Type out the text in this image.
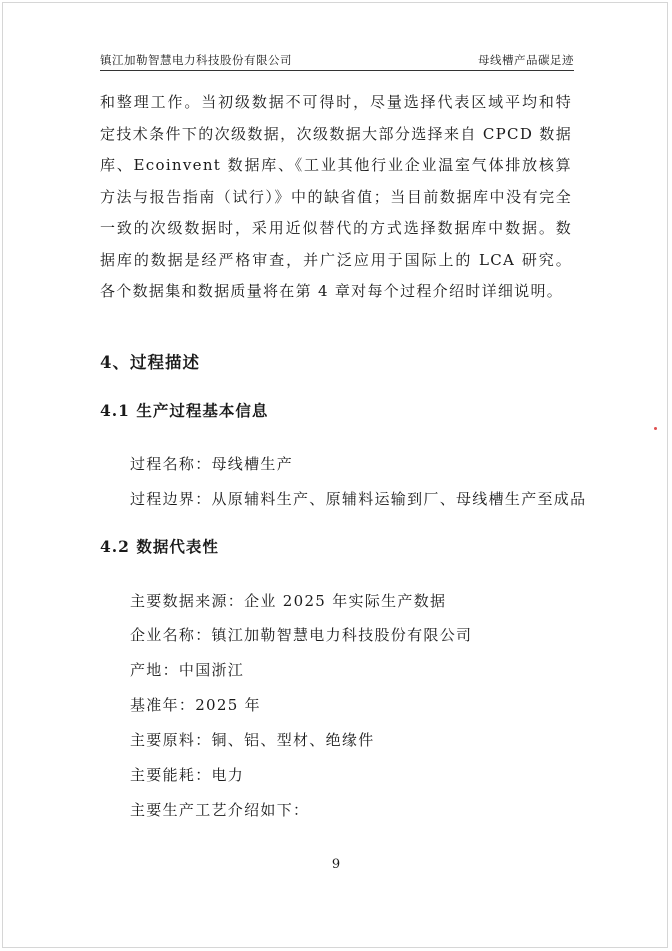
镇江加勒智慧电力科技股份有限公司	母线槽产品碳足迹
和整理工作。当初级数据不可得时，尽量选择代表区域平均和特定技术条件下的次级数据，次级数据大部分选择来自 CPCD 数据库、Ecoinvent 数据库、《工业其他行业企业温室气体排放核算方法与报告指南（试行）》中的缺省值；当目前数据库中没有完全一致的次级数据时，采用近似替代的方式选择数据库中数据。数据库的数据是经严格审查，并广泛应用于国际上的 LCA 研究。各个数据集和数据质量将在第 4 章对每个过程介绍时详细说明。
4、过程描述
4.1 生产过程基本信息
过程名称：母线槽生产
过程边界：从原辅料生产、原辅料运输到厂、母线槽生产至成品
4.2 数据代表性
主要数据来源：企业 2025 年实际生产数据
企业名称：镇江加勒智慧电力科技股份有限公司
产地：中国浙江
基准年：2025 年
主要原料：铜、铝、型材、绝缘件
主要能耗：电力
主要生产工艺介绍如下：
9
